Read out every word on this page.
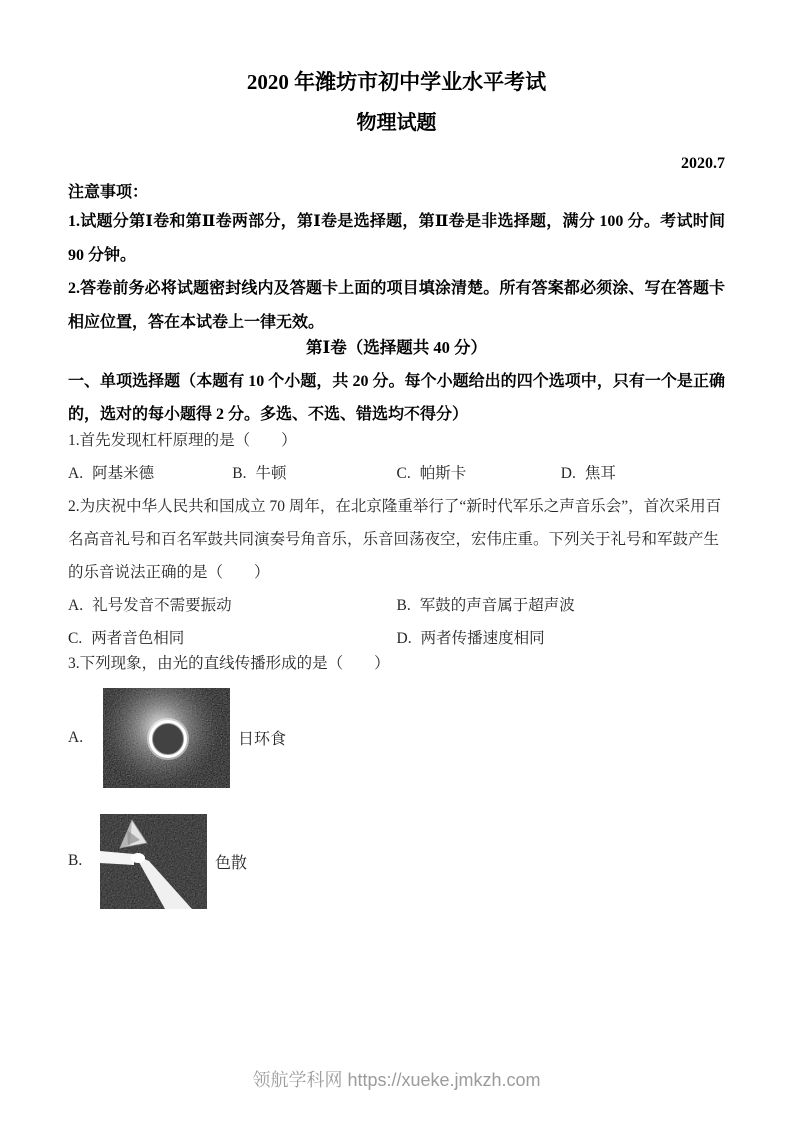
2020 年潍坊市初中学业水平考试
物理试题
2020.7
注意事项：

1.试题分第Ⅰ卷和第Ⅱ卷两部分，第Ⅰ卷是选择题，第Ⅱ卷是非选择题，满分 100 分。考试时间 90 分钟。

2.答卷前务必将试题密封线内及答题卡上面的项目填涂清楚。所有答案都必须涂、写在答题卡相应位置，答在本试卷上一律无效。

第Ⅰ卷（选择题共 40 分）

一、单项选择题（本题有 10 个小题，共 20 分。每个小题给出的四个选项中，只有一个是正确的，选对的每小题得 2 分。多选、不选、错选均不得分）

1.首先发现杠杆原理的是（　　）

A. 阿基米德	B. 牛顿	C. 帕斯卡	D. 焦耳

2.为庆祝中华人民共和国成立 70 周年，在北京隆重举行了“新时代军乐之声音乐会”，首次采用百名高音礼号和百名军鼓共同演奏号角音乐，乐音回荡夜空，宏伟庄重。下列关于礼号和军鼓产生的乐音说法正确的是（　　）

A. 礼号发音不需要振动	B. 军鼓的声音属于超声波
C. 两者音色相同	D. 两者传播速度相同

3.下列现象，由光的直线传播形成的是（　　）

A.	日环食
B.	色散
领航学科网 https://xueke.jmkzh.com
